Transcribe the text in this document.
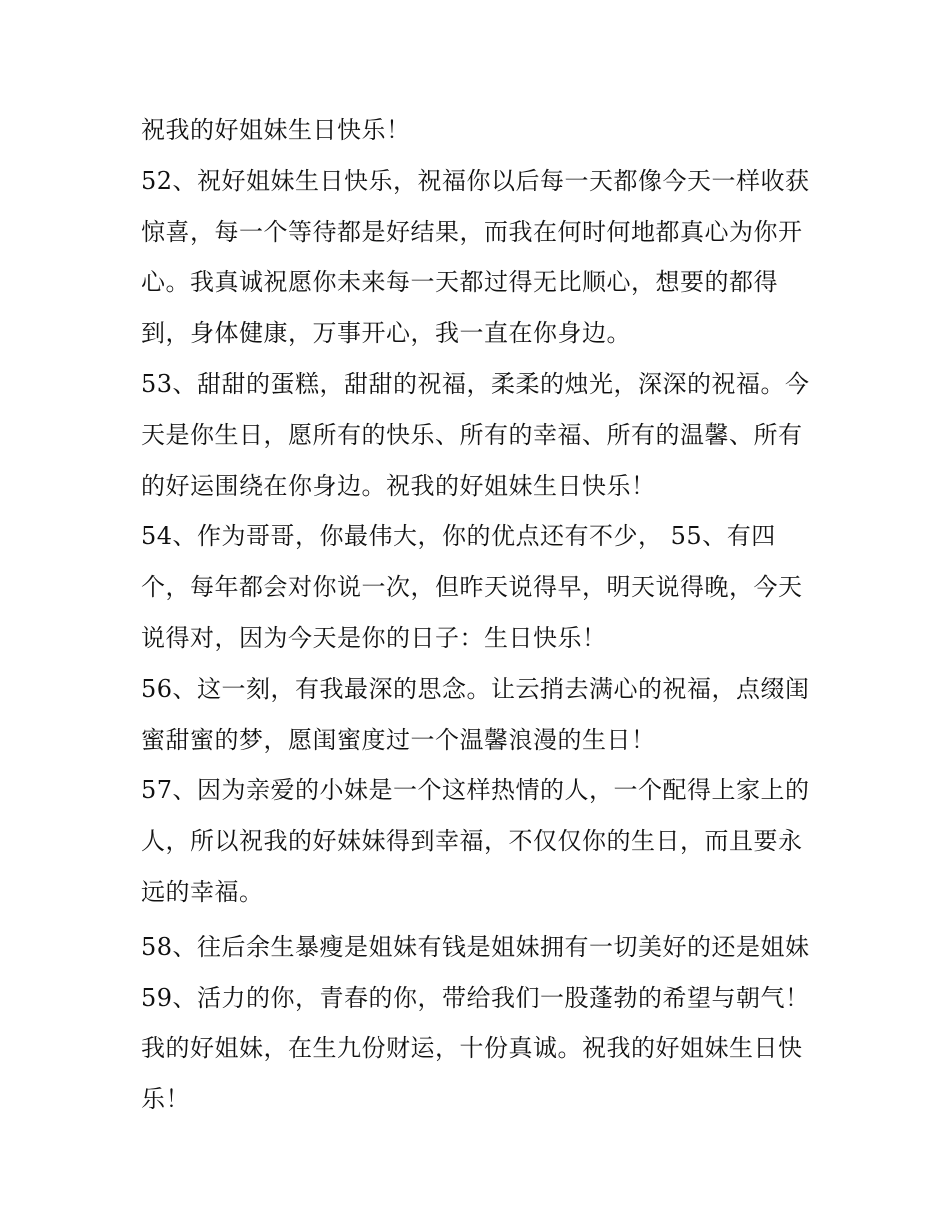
祝我的好姐妹生日快乐！
52、祝好姐妹生日快乐，祝福你以后每一天都像今天一样收获
惊喜，每一个等待都是好结果，而我在何时何地都真心为你开
心。我真诚祝愿你未来每一天都过得无比顺心，想要的都得
到，身体健康，万事开心，我一直在你身边。
53、甜甜的蛋糕，甜甜的祝福，柔柔的烛光，深深的祝福。今
天是你生日，愿所有的快乐、所有的幸福、所有的温馨、所有
的好运围绕在你身边。祝我的好姐妹生日快乐！
54、作为哥哥，你最伟大，你的优点还有不少， 55、有四
个，每年都会对你说一次，但昨天说得早，明天说得晚，今天
说得对，因为今天是你的日子：生日快乐！
56、这一刻，有我最深的思念。让云捎去满心的祝福，点缀闺
蜜甜蜜的梦，愿闺蜜度过一个温馨浪漫的生日！
57、因为亲爱的小妹是一个这样热情的人，一个配得上家上的
人，所以祝我的好妹妹得到幸福，不仅仅你的生日，而且要永
远的幸福。
58、往后余生暴瘦是姐妹有钱是姐妹拥有一切美好的还是姐妹
59、活力的你，青春的你，带给我们一股蓬勃的希望与朝气！
我的好姐妹，在生九份财运，十份真诚。祝我的好姐妹生日快
乐！
